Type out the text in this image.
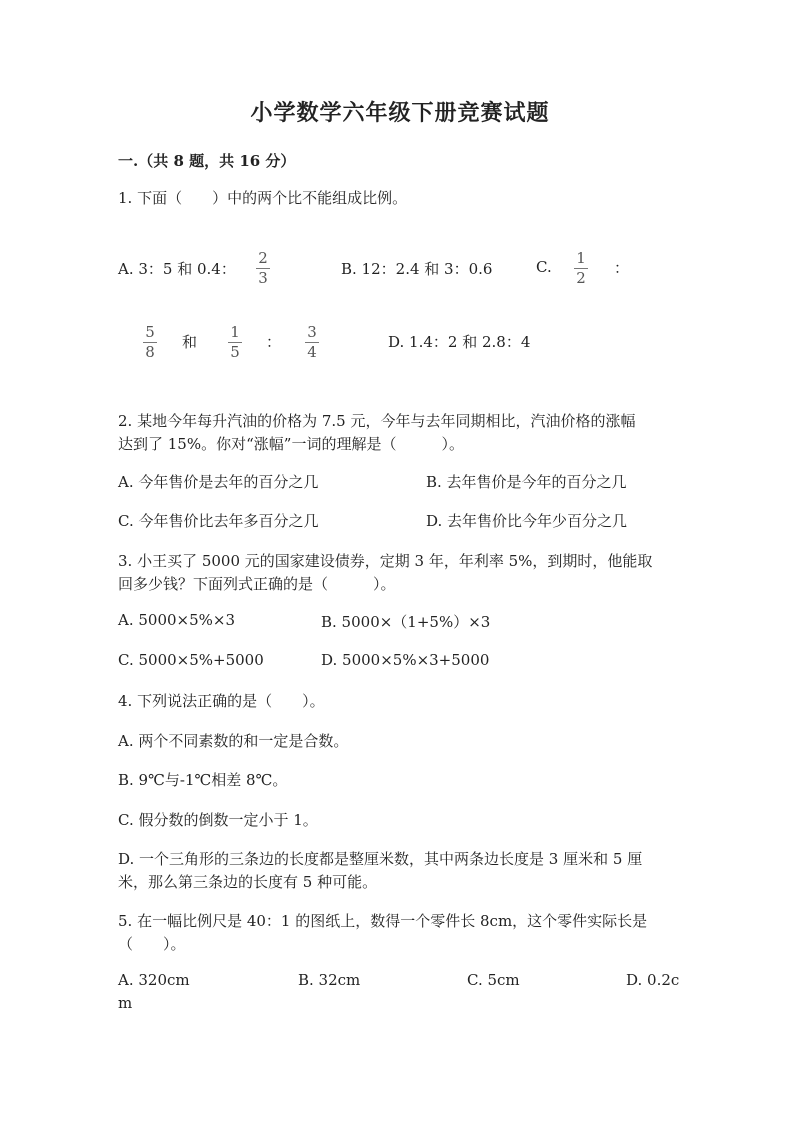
小学数学六年级下册竞赛试题
一.（共 8 题，共 16 分）
1. 下面（　　）中的两个比不能组成比例。
A. 3：5 和 0.4：
2
3	B. 12：2.4 和 3：0.6	C. 1
2
：
5
8
和
1
5
：
3
4
D. 1.4：2 和 2.8：4
2. 某地今年每升汽油的价格为 7.5 元，今年与去年同期相比，汽油价格的涨幅
达到了 15%。你对“涨幅”一词的理解是（　　　）。
A. 今年售价是去年的百分之几	B. 去年售价是今年的百分之几
C. 今年售价比去年多百分之几	D. 去年售价比今年少百分之几
3. 小王买了 5000 元的国家建设债券，定期 3 年，年利率 5%，到期时，他能取
回多少钱？下面列式正确的是（　　　）。
A. 5000×5%×3	B. 5000×（1+5%）×3
C. 5000×5%+5000	D. 5000×5%×3+5000
4. 下列说法正确的是（　　）。
A. 两个不同素数的和一定是合数。
B. 9℃与-1℃相差 8℃。
C. 假分数的倒数一定小于 1。
D. 一个三角形的三条边的长度都是整厘米数，其中两条边长度是 3 厘米和 5 厘
米，那么第三条边的长度有 5 种可能。
5. 在一幅比例尺是 40：1 的图纸上，数得一个零件长 8cm，这个零件实际长是
（　　）。
A. 320cm	B. 32cm	C. 5cm	D. 0.2c
m
